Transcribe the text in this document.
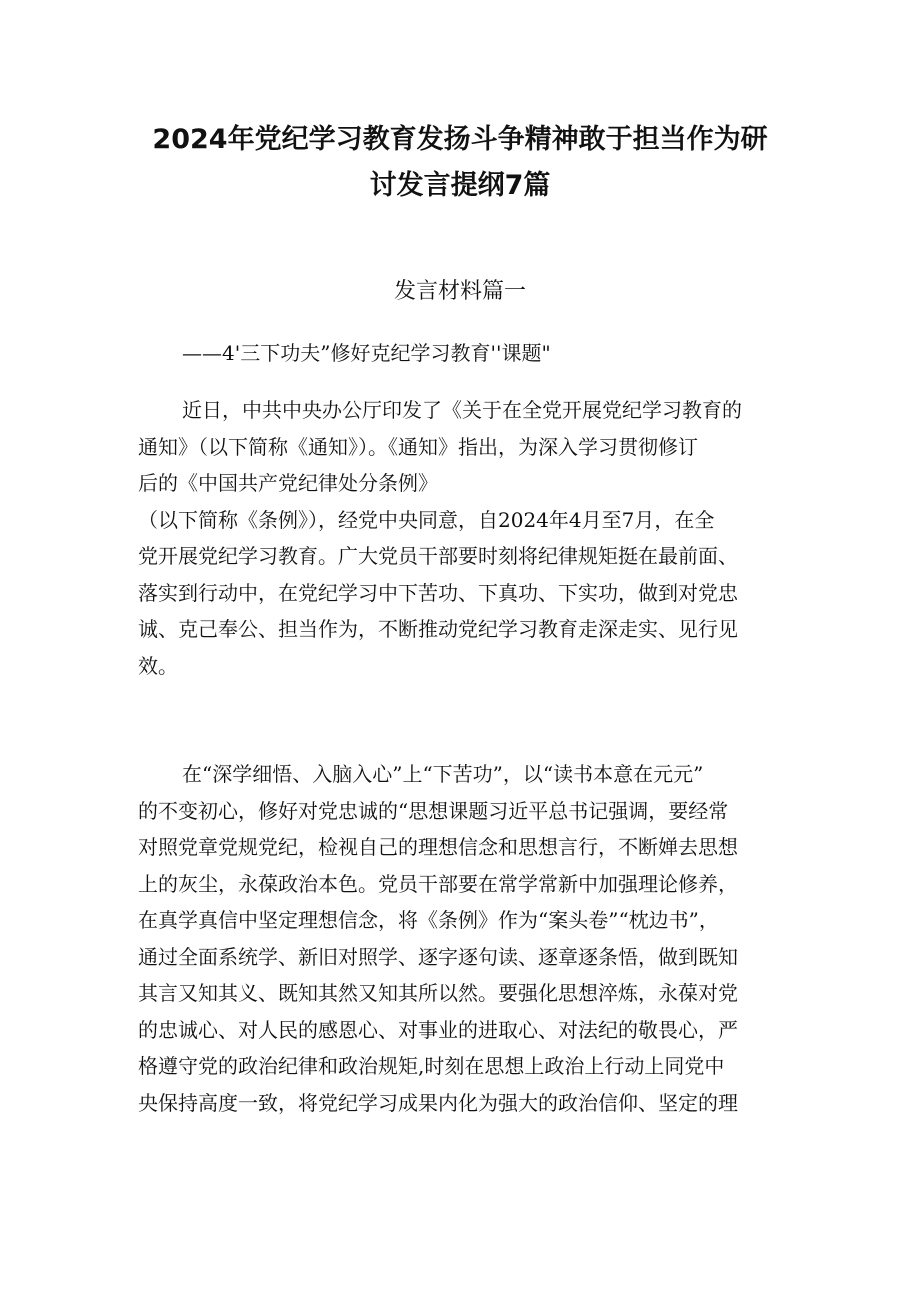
2024年党纪学习教育发扬斗争精神敢于担当作为研
讨发言提纲7篇
发言材料篇一
——4'三下功夫”修好克纪学习教育''课题"
近日，中共中央办公厅印发了《关于在全党开展党纪学习教育的
通知》（以下简称《通知》）。《通知》指出，为深入学习贯彻修订
后的《中国共产党纪律处分条例》
（以下简称《条例》），经党中央同意，自2024年4月至7月，在全
党开展党纪学习教育。广大党员干部要时刻将纪律规矩挺在最前面、
落实到行动中，在党纪学习中下苦功、下真功、下实功，做到对党忠
诚、克己奉公、担当作为，不断推动党纪学习教育走深走实、见行见
效。
在“深学细悟、入脑入心”上“下苦功”，以“读书本意在元元”
的不变初心，修好对党忠诚的“思想课题习近平总书记强调，要经常
对照党章党规党纪，检视自己的理想信念和思想言行，不断婵去思想
上的灰尘，永葆政治本色。党员干部要在常学常新中加强理论修养，
在真学真信中坚定理想信念，将《条例》作为“案头卷”“枕边书”，
通过全面系统学、新旧对照学、逐字逐句读、逐章逐条悟，做到既知
其言又知其义、既知其然又知其所以然。要强化思想淬炼，永葆对党
的忠诚心、对人民的感恩心、对事业的进取心、对法纪的敬畏心，严
格遵守党的政治纪律和政治规矩,时刻在思想上政治上行动上同党中
央保持高度一致，将党纪学习成果内化为强大的政治信仰、坚定的理
